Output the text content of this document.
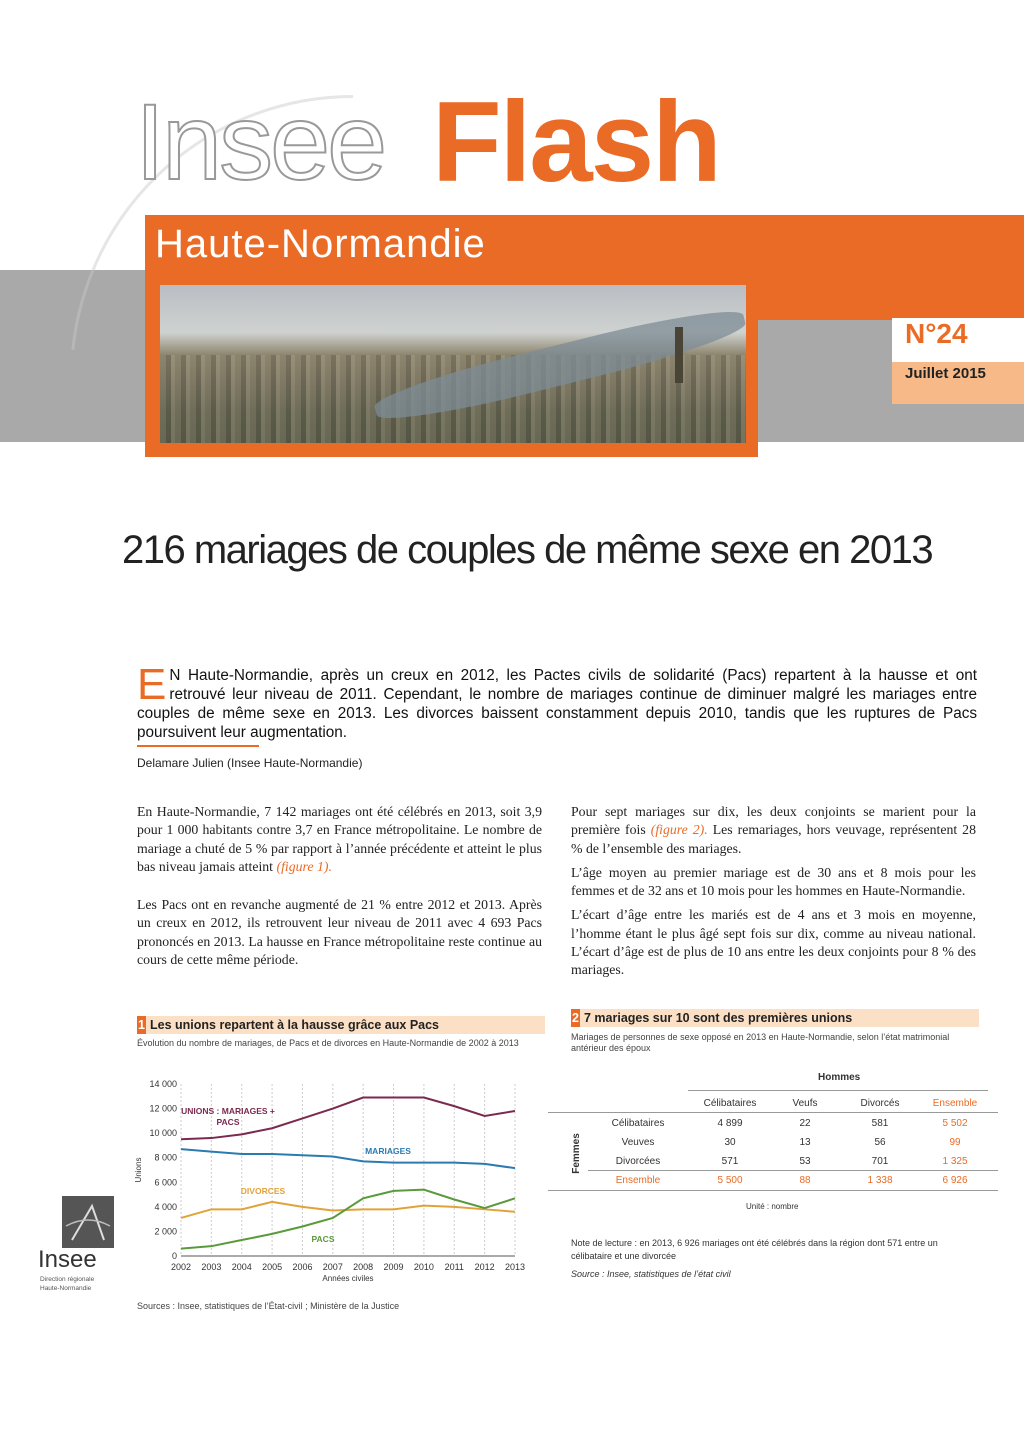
Insee Flash
Haute-Normandie
N°24
Juillet 2015
216 mariages de couples de même sexe en 2013
E N Haute-Normandie, après un creux en 2012, les Pactes civils de solidarité (Pacs) repartent à la hausse et ont retrouvé leur niveau de 2011. Cependant, le nombre de mariages continue de diminuer malgré les mariages entre couples de même sexe en 2013. Les divorces baissent constamment depuis 2010, tandis que les ruptures de Pacs poursuivent leur augmentation.
Delamare Julien (Insee Haute-Normandie)

En Haute-Normandie, 7 142 mariages ont été célébrés en 2013, soit 3,9 pour 1 000 habitants contre 3,7 en France métropolitaine. Le nombre de mariage a chuté de 5 % par rapport à l’année précédente et atteint le plus bas niveau jamais atteint (figure 1).

Les Pacs ont en revanche augmenté de 21 % entre 2012 et 2013. Après un creux en 2012, ils retrouvent leur niveau de 2011 avec 4 693 Pacs prononcés en 2013. La hausse en France métropolitaine reste continue au cours de cette même période.

Pour sept mariages sur dix, les deux conjoints se marient pour la première fois (figure 2). Les remariages, hors veuvage, représentent 28 % de l’ensemble des mariages.

L’âge moyen au premier mariage est de 30 ans et 8 mois pour les femmes et de 32 ans et 10 mois pour les hommes en Haute-Normandie.

L’écart d’âge entre les mariés est de 4 ans et 3 mois en moyenne, l’homme étant le plus âgé sept fois sur dix, comme au niveau national. L’écart d’âge est de plus de 10 ans entre les deux conjoints pour 8 % des mariages.

1 Les unions repartent à la hausse grâce aux Pacs
Évolution du nombre de mariages, de Pacs et de divorces en Haute-Normandie de 2002 à 2013
2002 2003 2004 2005 2006 2007 2008 2009 2010 2011 2012 2013
0
2 000
4 000
6 000
8 000
10 000
12 000
14 000
Années civiles
Unions
UNIONS : MARIAGES +
PACS
MARIAGES
DIVORCES
PACS
Sources : Insee, statistiques de l’État-civil ; Ministère de la Justice
2 7 mariages sur 10 sont des premières unions
Mariages de personnes de sexe opposé en 2013 en Haute-Normandie, selon l’état matrimonial antérieur des époux
Hommes
Célibataires	Veufs	Divorcés	Ensemble
Femmes
Célibataires	4 899	22	581	5 502
Veuves	30	13	56	99
Divorcées	571	53	701	1 325
Ensemble	5 500	88	1 338	6 926
Unité : nombre
Note de lecture : en 2013, 6 926 mariages ont été célébrés dans la région dont 571 entre un célibataire et une divorcée
Source : Insee, statistiques de l’état civil
Insee
Direction régionale
Haute-Normandie
